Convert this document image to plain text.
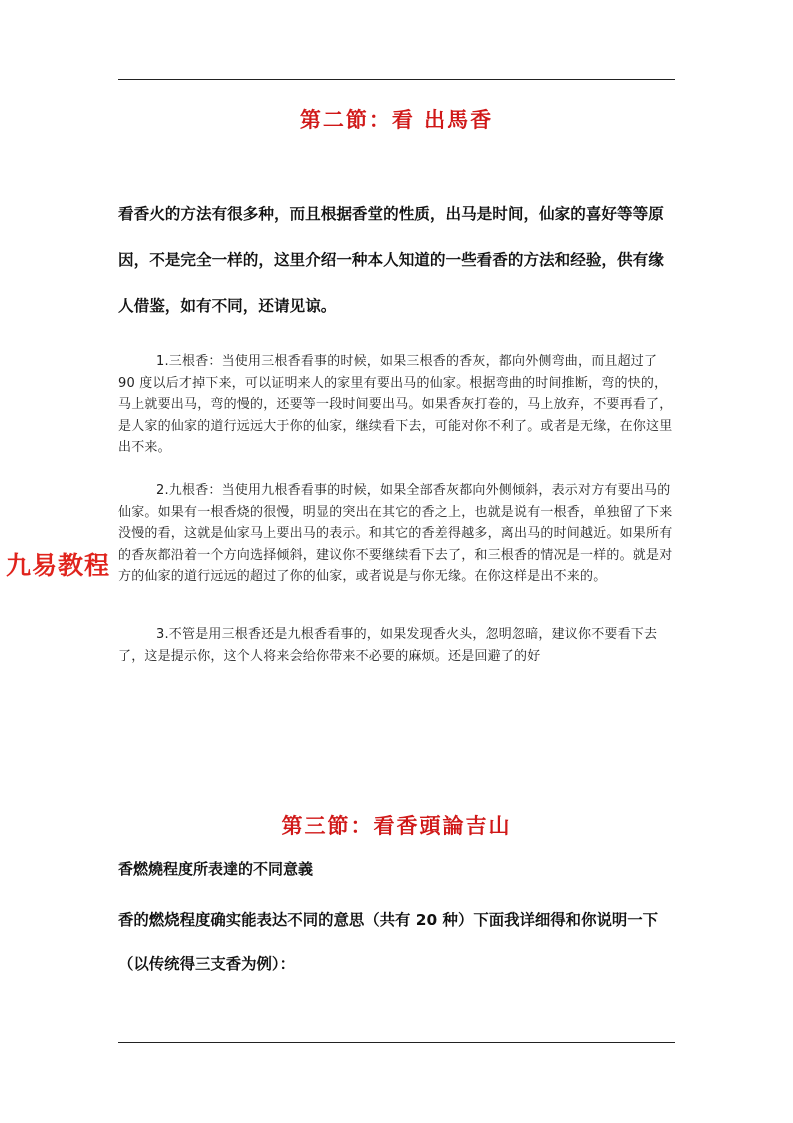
第二節：看 出馬香

看香火的方法有很多种，而且根据香堂的性质，出马是时间，仙家的喜好等等原因，不是完全一样的，这里介绍一种本人知道的一些看香的方法和经验，供有缘人借鉴，如有不同，还请见谅。

1.三根香：当使用三根香看事的时候，如果三根香的香灰，都向外侧弯曲，而且超过了 90 度以后才掉下来，可以证明来人的家里有要出马的仙家。根据弯曲的时间推断，弯的快的，马上就要出马，弯的慢的，还要等一段时间要出马。如果香灰打卷的，马上放弃，不要再看了，是人家的仙家的道行远远大于你的仙家，继续看下去，可能对你不利了。或者是无缘，在你这里出不来。

2.九根香：当使用九根香看事的时候，如果全部香灰都向外侧倾斜，表示对方有要出马的仙家。如果有一根香烧的很慢，明显的突出在其它的香之上，也就是说有一根香，单独留了下来没慢的看，这就是仙家马上要出马的表示。和其它的香差得越多，离出马的时间越近。如果所有的香灰都沿着一个方向选择倾斜，建议你不要继续看下去了，和三根香的情况是一样的。就是对方的仙家的道行远远的超过了你的仙家，或者说是与你无缘。在你这样是出不来的。

3.不管是用三根香还是九根香看事的，如果发现香火头，忽明忽暗，建议你不要看下去了，这是提示你，这个人将来会给你带来不必要的麻烦。还是回避了的好

九易教程
第三節：看香頭論吉山

香燃燒程度所表達的不同意義

香的燃烧程度确实能表达不同的意思（共有 20 种）下面我详细得和你说明一下（以传统得三支香为例）：
